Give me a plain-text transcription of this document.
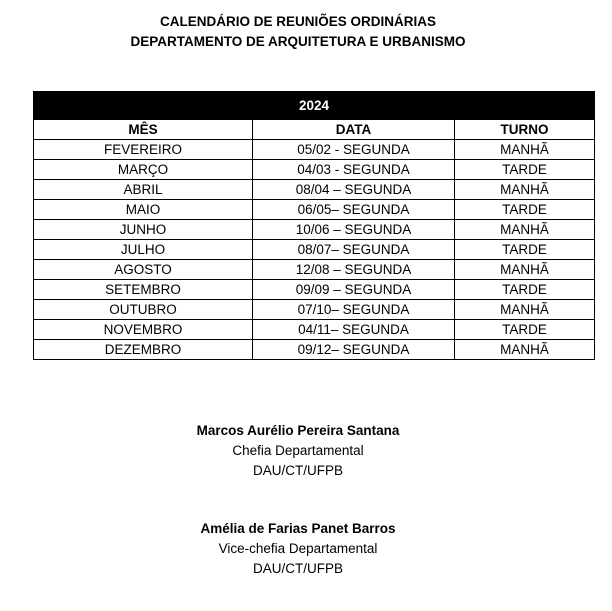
CALENDÁRIO DE REUNIÕES ORDINÁRIAS
DEPARTAMENTO DE ARQUITETURA E URBANISMO
2024		
MÊS	DATA	TURNO
FEVEREIRO	05/02 - SEGUNDA	MANHÃ
MARÇO	04/03 - SEGUNDA	TARDE
ABRIL	08/04 – SEGUNDA	MANHÃ
MAIO	06/05– SEGUNDA	TARDE
JUNHO	10/06 – SEGUNDA	MANHÃ
JULHO	08/07– SEGUNDA	TARDE
AGOSTO	12/08 – SEGUNDA	MANHÃ
SETEMBRO	09/09 – SEGUNDA	TARDE
OUTUBRO	07/10– SEGUNDA	MANHÃ
NOVEMBRO	04/11– SEGUNDA	TARDE
DEZEMBRO	09/12– SEGUNDA	MANHÃ
Marcos Aurélio Pereira Santana
Chefia Departamental
DAU/CT/UFPB
Amélia de Farias Panet Barros
Vice-chefia Departamental
DAU/CT/UFPB
